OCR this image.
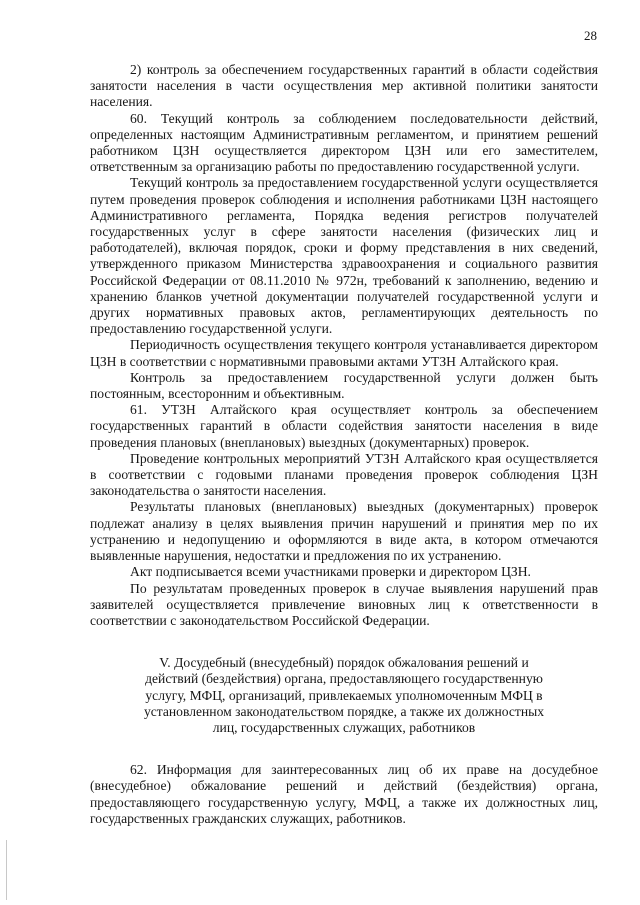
28

2) контроль за обеспечением государственных гарантий в области содействия занятости населения в части осуществления мер активной политики занятости населения.

60. Текущий контроль за соблюдением последовательности действий, определенных настоящим Административным регламентом, и принятием решений работником ЦЗН осуществляется директором ЦЗН или его заместителем, ответственным за организацию работы по предоставлению государственной услуги.

Текущий контроль за предоставлением государственной услуги осуществляется путем проведения проверок соблюдения и исполнения работниками ЦЗН настоящего Административного регламента, Порядка ведения регистров получателей государственных услуг в сфере занятости населения (физических лиц и работодателей), включая порядок, сроки и форму представления в них сведений, утвержденного приказом Министерства здравоохранения и социального развития Российской Федерации от 08.11.2010 № 972н, требований к заполнению, ведению и хранению бланков учетной документации получателей государственной услуги и других нормативных правовых актов, регламентирующих деятельность по предоставлению государственной услуги.

Периодичность осуществления текущего контроля устанавливается директором ЦЗН в соответствии с нормативными правовыми актами УТЗН Алтайского края.

Контроль за предоставлением государственной услуги должен быть постоянным, всесторонним и объективным.

61. УТЗН Алтайского края осуществляет контроль за обеспечением государственных гарантий в области содействия занятости населения в виде проведения плановых (внеплановых) выездных (документарных) проверок.

Проведение контрольных мероприятий УТЗН Алтайского края осуществляется в соответствии с годовыми планами проведения проверок соблюдения ЦЗН законодательства о занятости населения.

Результаты плановых (внеплановых) выездных (документарных) проверок подлежат анализу в целях выявления причин нарушений и принятия мер по их устранению и недопущению и оформляются в виде акта, в котором отмечаются выявленные нарушения, недостатки и предложения по их устранению.

Акт подписывается всеми участниками проверки и директором ЦЗН.

По результатам проведенных проверок в случае выявления нарушений прав заявителей осуществляется привлечение виновных лиц к ответственности в соответствии с законодательством Российской Федерации.

V. Досудебный (внесудебный) порядок обжалования решений и действий (бездействия) органа, предоставляющего государственную услугу, МФЦ, организаций, привлекаемых уполномоченным МФЦ в установленном законодательством порядке, а также их должностных лиц, государственных служащих, работников

62. Информация для заинтересованных лиц об их праве на досудебное (внесудебное) обжалование решений и действий (бездействия) органа, предоставляющего государственную услугу, МФЦ, а также их должностных лиц, государственных гражданских служащих, работников.
